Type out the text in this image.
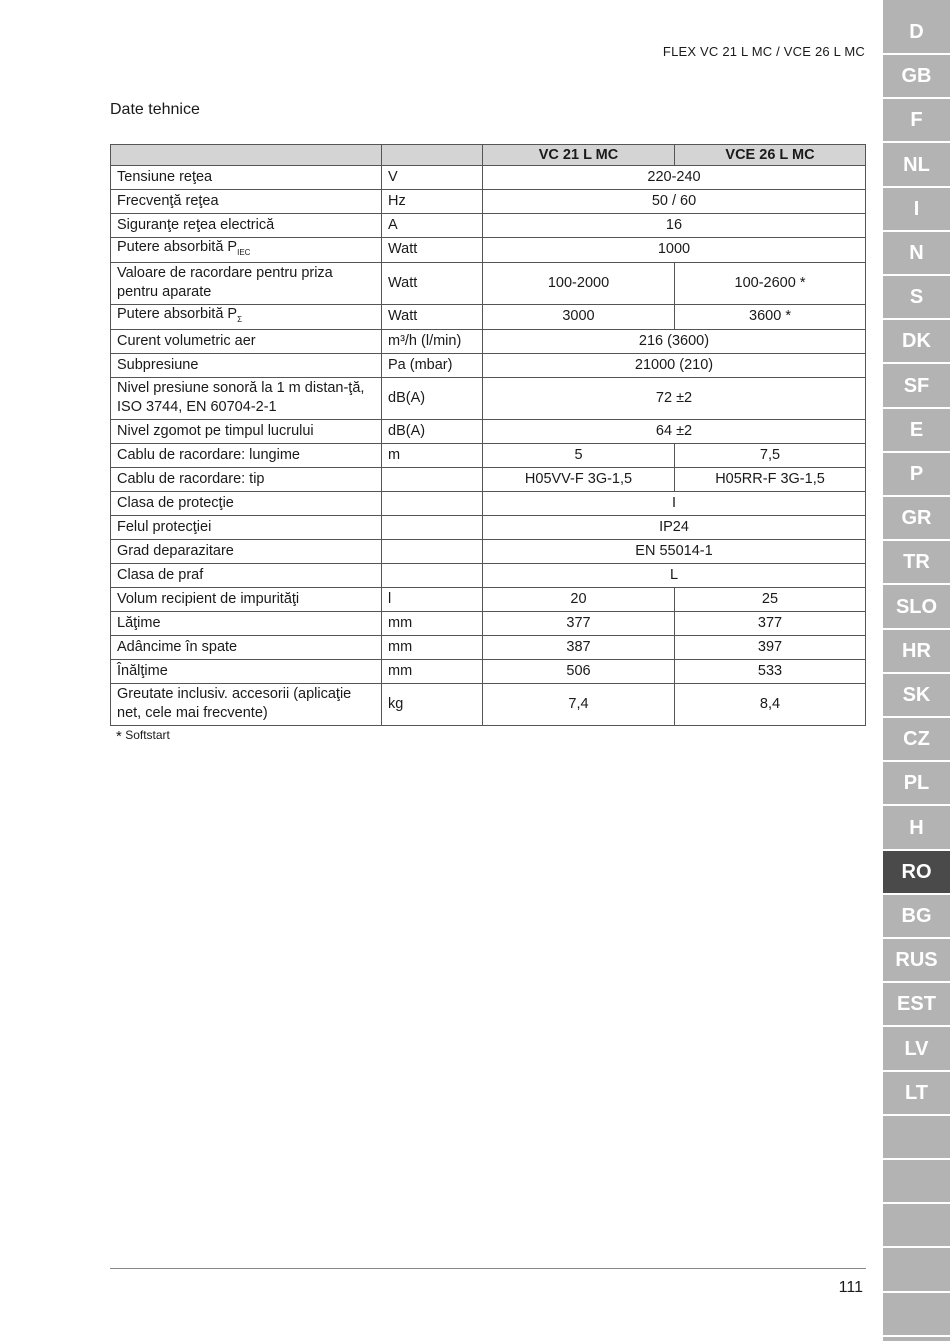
FLEX VC 21 L MC / VCE 26 L MC
Date tehnice
		VC 21 L MC	VCE 26 L MC
Tensiune reţea	V	220-240	
Frecvenţă reţea	Hz	50 / 60	
Siguranţe reţea electrică	A	16	
Putere absorbită $P_{IEC}$	Watt	1000	
Valoare de racordare pentru priza pentru aparate	Watt	100-2000	100-2600 *
Putere absorbită $P_\Sigma$	Watt	3000	3600 *
Curent volumetric aer	m³/h (l/min)	216 (3600)	
Subpresiune	Pa (mbar)	21000 (210)	
Nivel presiune sonoră la 1 m distan-ţă, ISO 3744, EN 60704-2-1	dB(A)	72 ±2	
Nivel zgomot pe timpul lucrului	dB(A)	64 ±2	
Cablu de racordare: lungime	m	5	7,5
Cablu de racordare: tip		H05VV-F 3G-1,5	H05RR-F 3G-1,5
Clasa de protecţie		I	
Felul protecţiei		IP24	
Grad deparazitare		EN 55014-1	
Clasa de praf		L	
Volum recipient de impurităţi	l	20	25
Lăţime	mm	377	377
Adâncime în spate	mm	387	397
Înălţime	mm	506	533
Greutate inclusiv. accesorii (aplicaţie net, cele mai frecvente)	kg	7,4	8,4
* Softstart
111
D
GB
F
NL
I
N
S
DK
SF
E
P
GR
TR
SLO
HR
SK
CZ
PL
H
RO
BG
RUS
EST
LV
LT
